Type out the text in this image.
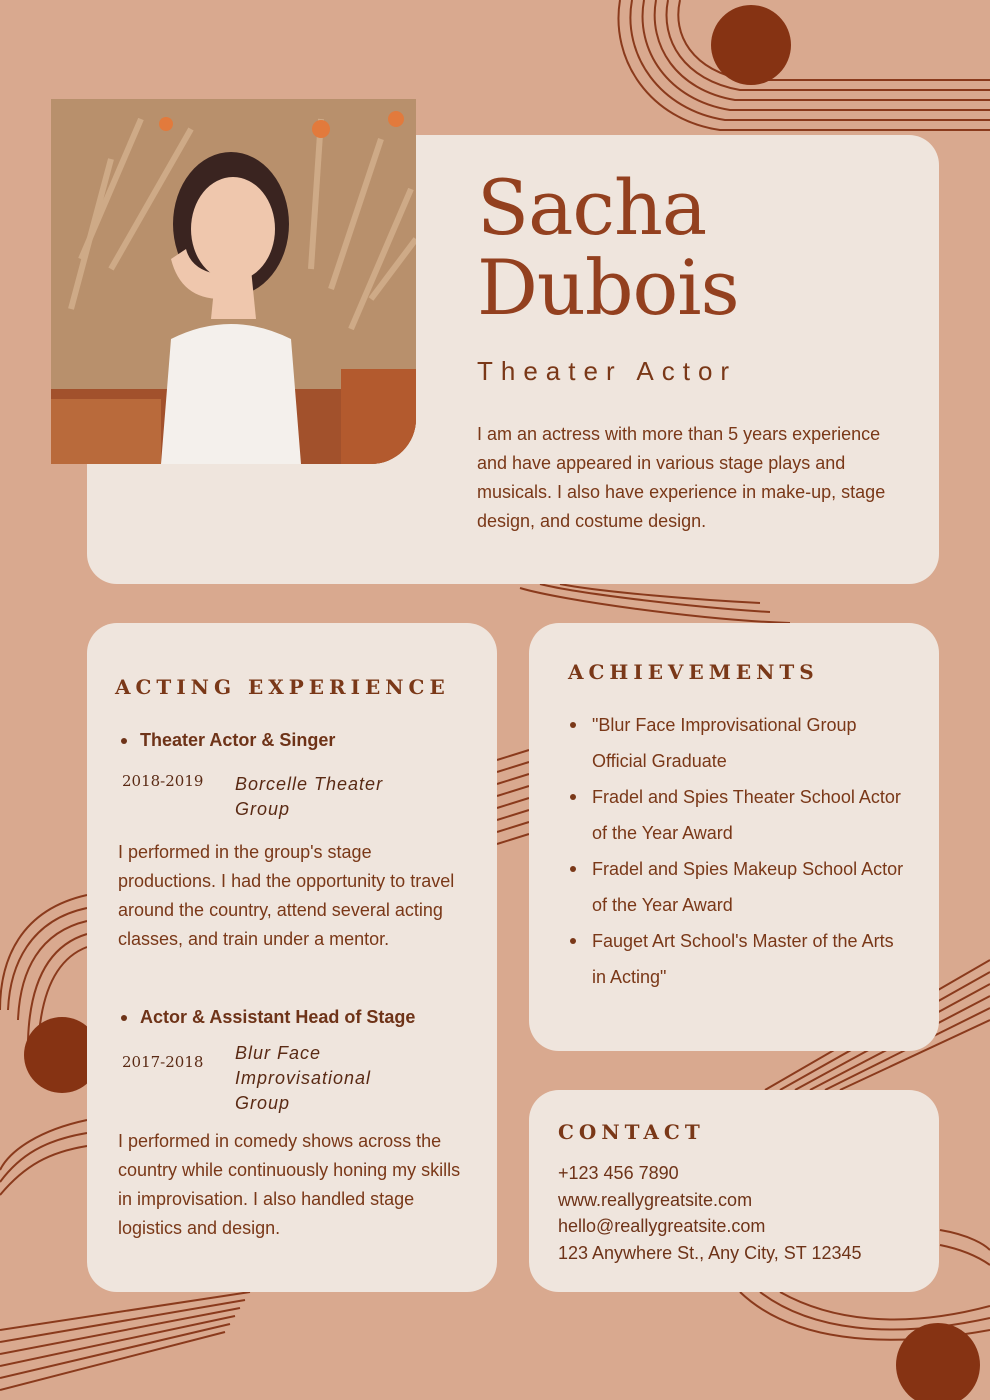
Sacha
Dubois
Theater Actor

I am an actress with more than 5 years experience and have appeared in various stage plays and musicals. I also have experience in make-up, stage design, and costume design.

ACTING EXPERIENCE
Theater Actor & Singer
2018-2019 Borcelle Theater Group

I performed in the group's stage productions. I had the opportunity to travel around the country, attend several acting classes, and train under a mentor.

Actor & Assistant Head of Stage
2017-2018 Blur Face Improvisational Group

I performed in comedy shows across the country while continuously honing my skills in improvisation. I also handled stage logistics and design.

ACHIEVEMENTS
"Blur Face Improvisational Group Official Graduate
Fradel and Spies Theater School Actor of the Year Award
Fradel and Spies Makeup School Actor of the Year Award
Fauget Art School's Master of the Arts in Acting"
CONTACT
+123 456 7890
www.reallygreatsite.com
hello@reallygreatsite.com
123 Anywhere St., Any City, ST 12345
